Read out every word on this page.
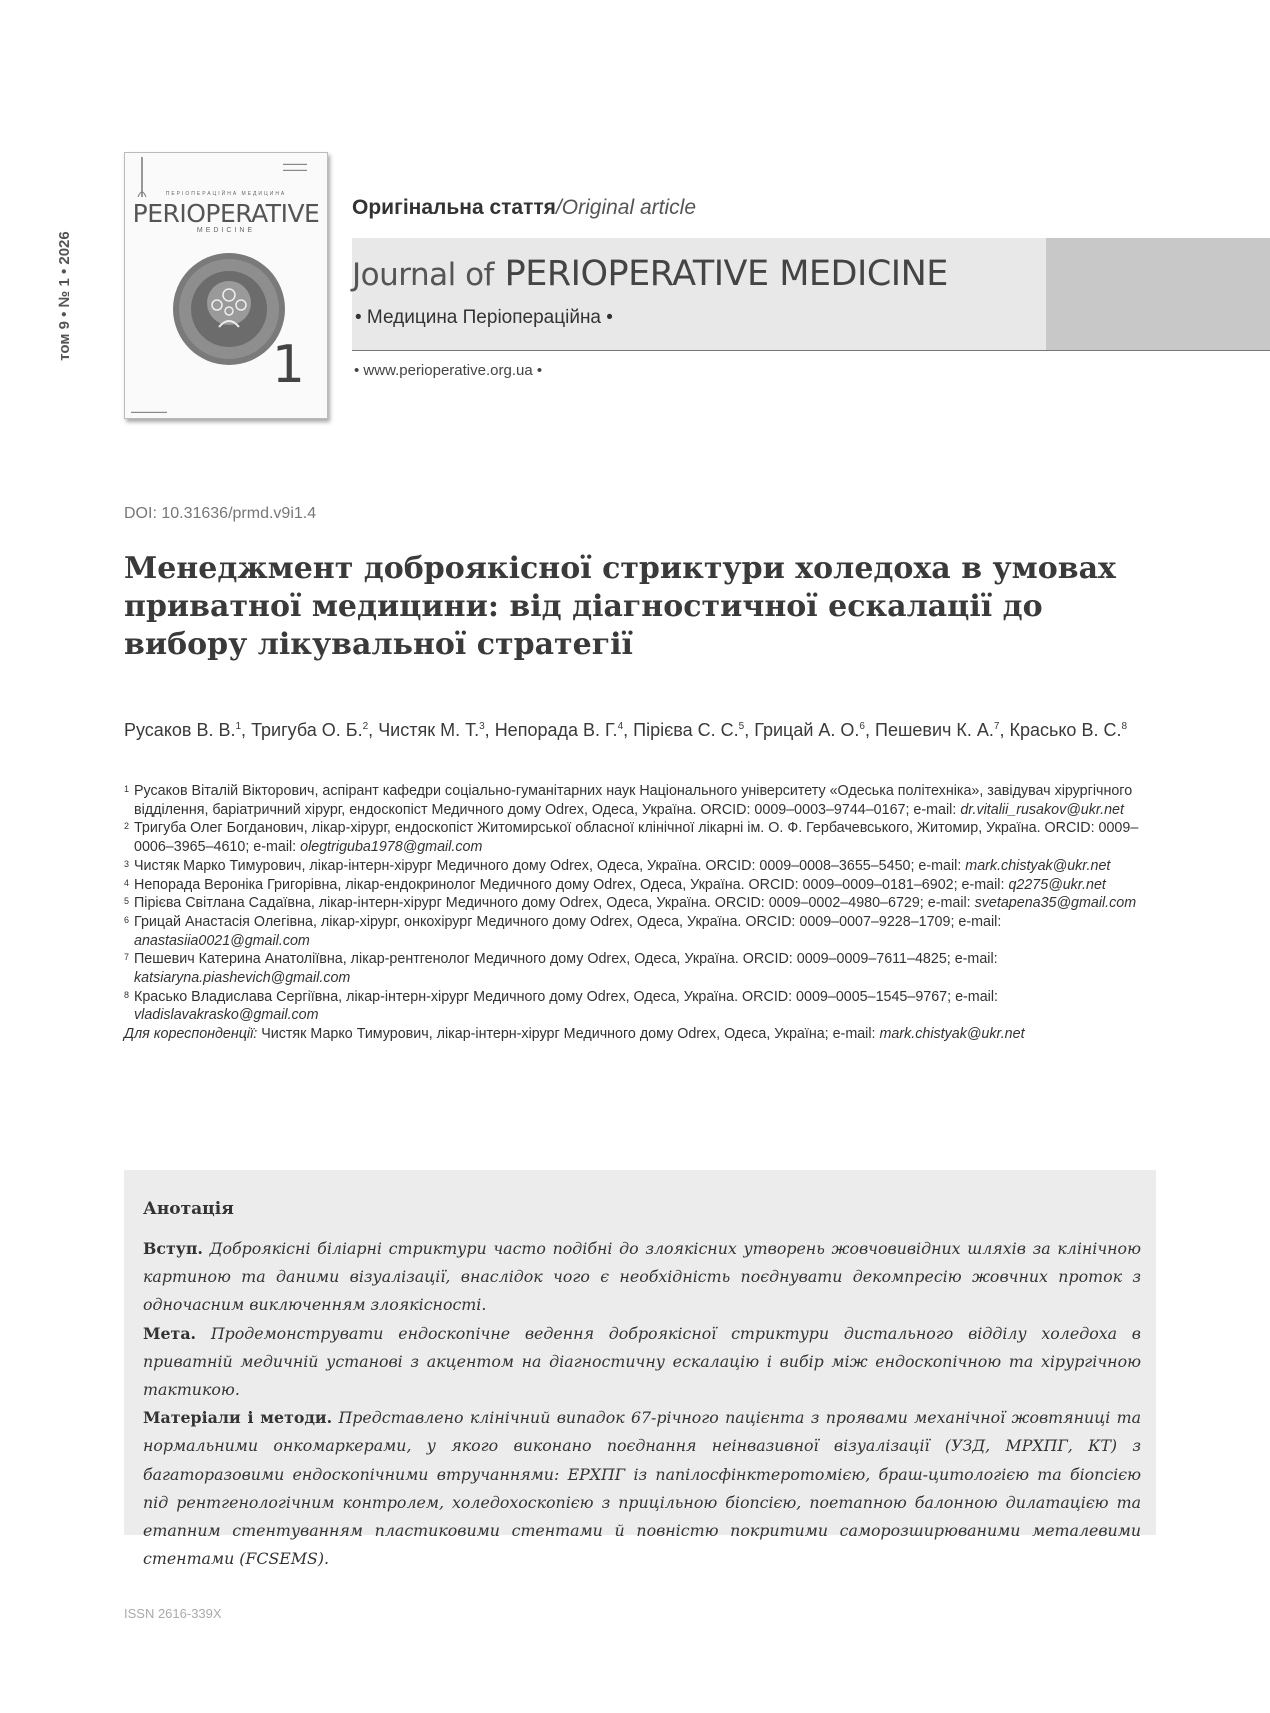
том 9 • № 1 • 2026
▬▬▬▬▬▬
▬▬▬▬▬▬
ПЕРІОПЕРАЦІЙНА МЕДИЦИНА
PERIOPERATIVE
MEDICINE
1
▬▬▬▬▬▬▬▬▬
Оригінальна стаття/Original article
Journal of PERIOPERATIVE MEDICINE
• Медицина Періопераційна •
• www.perioperative.org.ua •
DOI: 10.31636/prmd.v9i1.4
Менеджмент доброякісної стриктури холедоха в умовах приватної медицини: від діагностичної ескалації до вибору лікувальної стратегії

Русаков В. В.$^1$, Тригуба О. Б.$^2$, Чистяк М. Т.$^3$, Непорада В. Г.$^4$, Пірієва С. С.$^5$, Грицай А. О.$^6$, Пешевич К. А.$^7$, Красько В. С.$^8$

1 Русаков Віталій Вікторович, аспірант кафедри соціально-гуманітарних наук Національного університету «Одеська політехніка», завідувач хірургічного відділення, баріатричний хірург, ендоскопіст Медичного дому Odrex, Одеса, Україна. ORCID: 0009–0003–9744–0167; e-mail: dr.vitalii_rusakov@ukr.net
2 Тригуба Олег Богданович, лікар-хірург, ендоскопіст Житомирської обласної клінічної лікарні ім. О. Ф. Гербачевського, Житомир, Україна. ORCID: 0009–0006–3965–4610; e-mail: olegtriguba1978@gmail.com
3 Чистяк Марко Тимурович, лікар-інтерн-хірург Медичного дому Odrex, Одеса, Україна. ORCID: 0009–0008–3655–5450; e-mail: mark.chistyak@ukr.net
4 Непорада Вероніка Григорівна, лікар-ендокринолог Медичного дому Odrex, Одеса, Україна. ORCID: 0009–0009–0181–6902; e-mail: q2275@ukr.net
5 Пірієва Світлана Садаївна, лікар-інтерн-хірург Медичного дому Odrex, Одеса, Україна. ORCID: 0009–0002–4980–6729; e-mail: svetapena35@gmail.com
6 Грицай Анастасія Олегівна, лікар-хірург, онкохірург Медичного дому Odrex, Одеса, Україна. ORCID: 0009–0007–9228–1709; e-mail: anastasiia0021@gmail.com
7 Пешевич Катерина Анатоліївна, лікар-рентгенолог Медичного дому Odrex, Одеса, Україна. ORCID: 0009–0009–7611–4825; e-mail: katsiaryna.piashevich@gmail.com
8 Красько Владислава Сергіївна, лікар-інтерн-хірург Медичного дому Odrex, Одеса, Україна. ORCID: 0009–0005–1545–9767; e-mail: vladislavakrasko@gmail.com
Для кореспонденції: Чистяк Марко Тимурович, лікар-інтерн-хірург Медичного дому Odrex, Одеса, Україна; e-mail: mark.chistyak@ukr.net
Анотація

Вступ. Доброякісні біліарні стриктури часто подібні до злоякісних утворень жовчовивідних шляхів за клінічною картиною та даними візуалізації, внаслідок чого є необхідність поєднувати декомпресію жовчних проток з одночасним виключенням злоякісності.

Мета. Продемонструвати ендоскопічне ведення доброякісної стриктури дистального відділу холедоха в приватній медичній установі з акцентом на діагностичну ескалацію і вибір між ендоскопічною та хірургічною тактикою.

Матеріали і методи. Представлено клінічний випадок 67-річного пацієнта з проявами механічної жовтяниці та нормальними онкомаркерами, у якого виконано поєднання неінвазивної візуалізації (УЗД, МРХПГ, КТ) з багаторазовими ендоскопічними втручаннями: ЕРХПГ із папілосфінктеротомією, браш-цитологією та біопсією під рентгенологічним контролем, холедохоскопією з прицільною біопсією, поетапною балонною дилатацією та етапним стентуванням пластиковими стентами й повністю покритими саморозширюваними металевими стентами (FCSEMS).

ISSN 2616-339X
